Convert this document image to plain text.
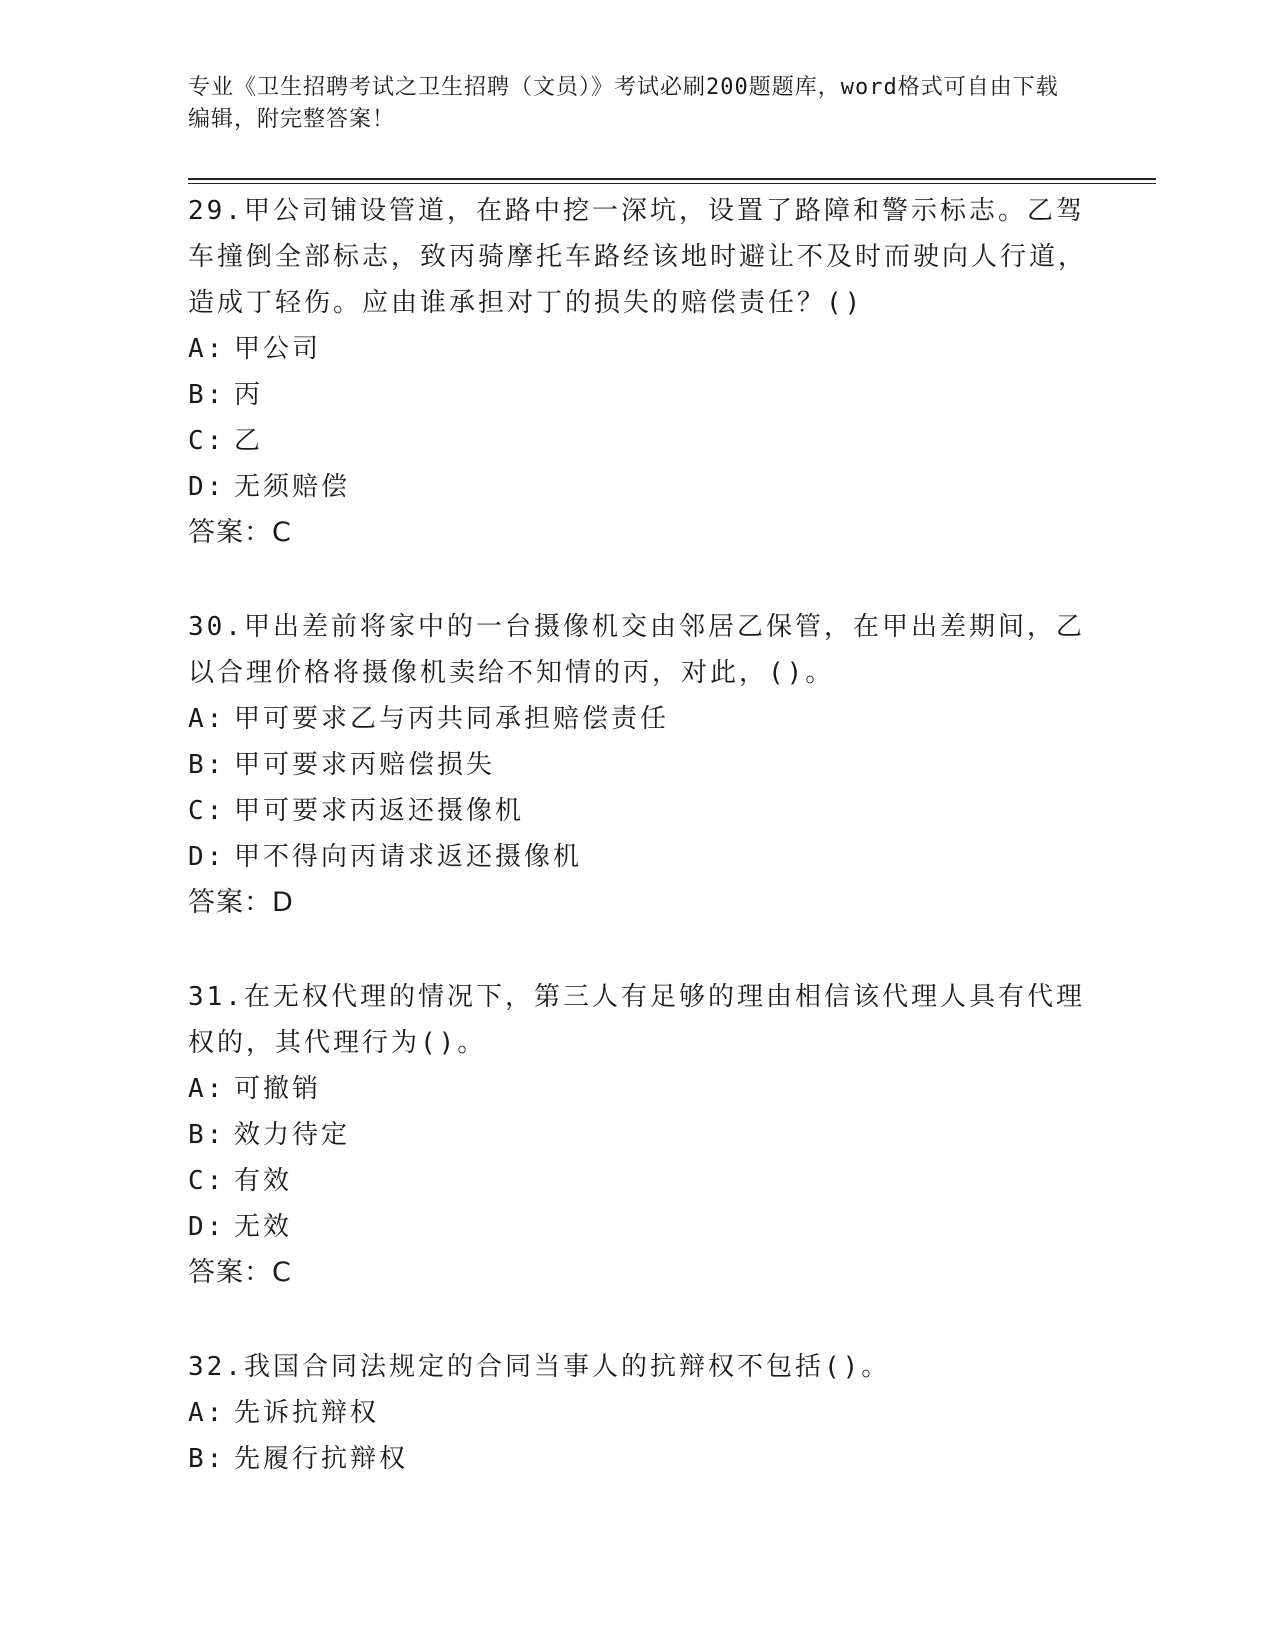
专业《卫生招聘考试之卫生招聘（文员）》考试必刷200题题库，word格式可自由下载编辑，附完整答案！
29.甲公司铺设管道，在路中挖一深坑，设置了路障和警示标志。乙驾车撞倒全部标志，致丙骑摩托车路经该地时避让不及时而驶向人行道，造成丁轻伤。应由谁承担对丁的损失的赔偿责任？()
A: 甲公司
B: 丙
C: 乙
D: 无须赔偿
答案：C
30.甲出差前将家中的一台摄像机交由邻居乙保管，在甲出差期间，乙以合理价格将摄像机卖给不知情的丙，对此，()。
A: 甲可要求乙与丙共同承担赔偿责任
B: 甲可要求丙赔偿损失
C: 甲可要求丙返还摄像机
D: 甲不得向丙请求返还摄像机
答案：D
31.在无权代理的情况下，第三人有足够的理由相信该代理人具有代理权的，其代理行为()。
A: 可撤销
B: 效力待定
C: 有效
D: 无效
答案：C
32.我国合同法规定的合同当事人的抗辩权不包括()。
A: 先诉抗辩权
B: 先履行抗辩权
